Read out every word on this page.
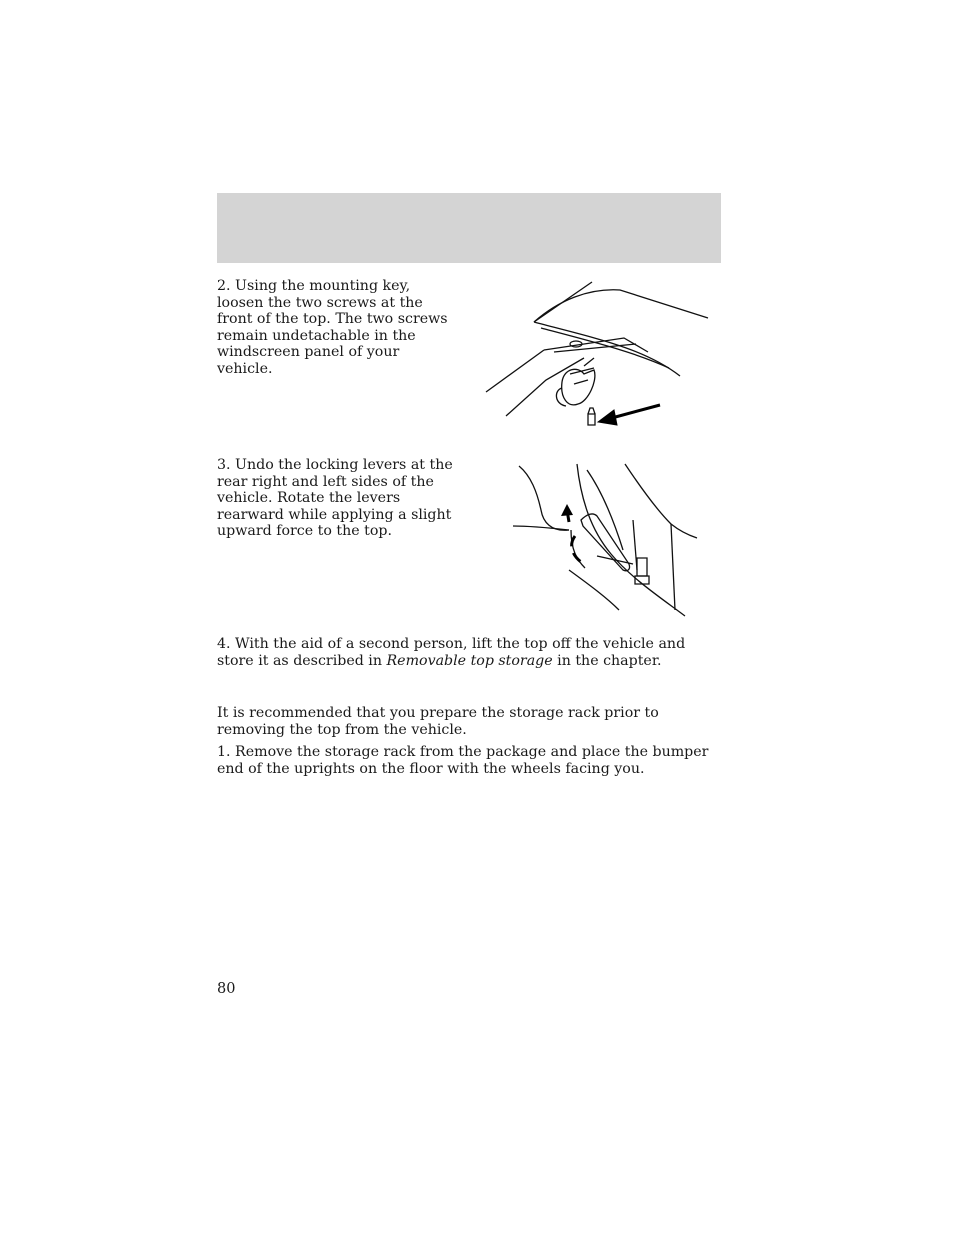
2. Using the mounting key, loosen the two screws at the front of the top. The two screws remain undetachable in the windscreen panel of your vehicle.

3. Undo the locking levers at the rear right and left sides of the vehicle. Rotate the levers rearward while applying a slight upward force to the top.

4. With the aid of a second person, lift the top off the vehicle and store it as described in Removable top storage in the chapter.

It is recommended that you prepare the storage rack prior to removing the top from the vehicle.

1. Remove the storage rack from the package and place the bumper end of the uprights on the floor with the wheels facing you.

80
